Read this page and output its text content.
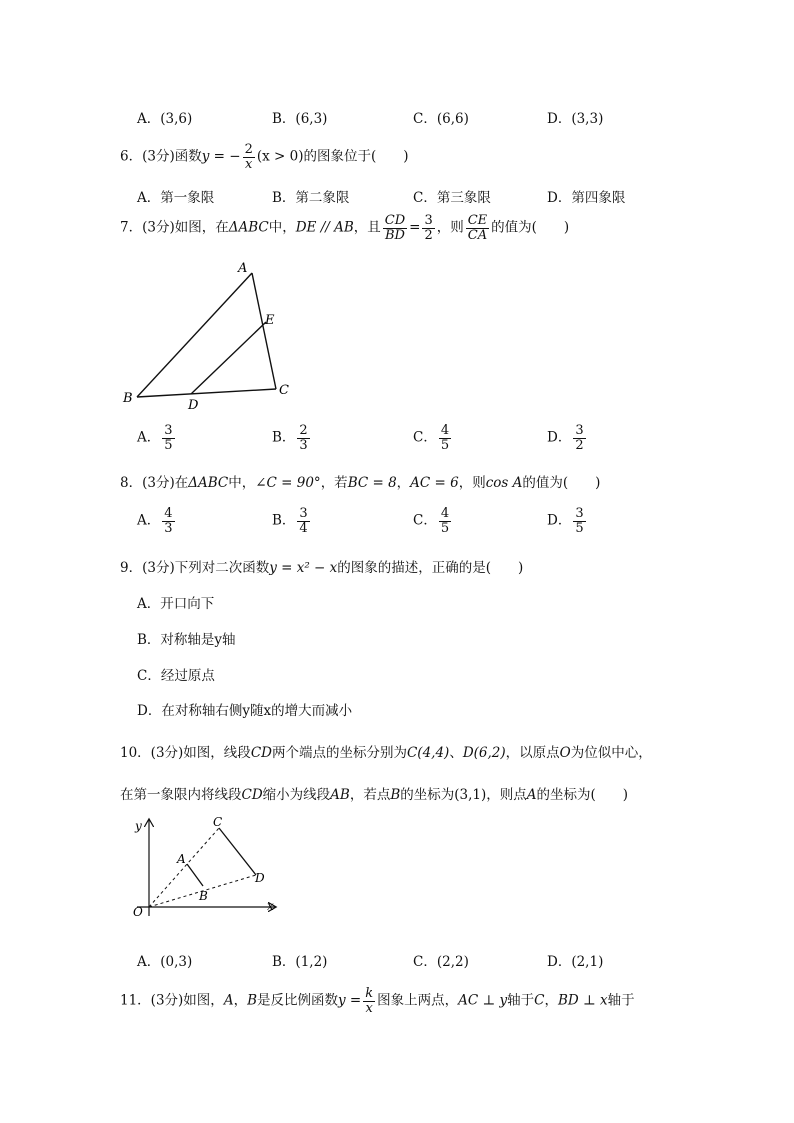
A．(3,6)	B．(6,3)	C．(6,6)	D．(3,3)
6．(3分)函数y = − $\frac{2}{x} (x > 0)$的图象位于(　　)
A．第一象限	B．第二象限	C．第三象限	D．第四象限
7．(3分)如图，在ΔABC中，DE // AB，且 $\frac{CD}{BD} = \frac{3}{2}$ ，则 $\frac{CE}{CA}$ 的值为(　　)
A
B
C
D
E
A． $\frac{3}{5}$	B． $\frac{2}{3}$	C． $\frac{4}{5}$	D． $\frac{3}{2}$
8．(3分)在ΔABC中，∠C = 90°，若BC = 8，AC = 6，则cos A的值为(　　)
A． $\frac{4}{3}$	B． $\frac{3}{4}$	C． $\frac{4}{5}$	D． $\frac{3}{5}$
9．(3分)下列对二次函数y = x² − x的图象的描述，正确的是(　　)
A．开口向下
B．对称轴是y轴
C．经过原点
D．在对称轴右侧y随x的增大而减小
10．(3分)如图，线段CD两个端点的坐标分别为C(4,4)、D(6,2)，以原点O为位似中心，
在第一象限内将线段CD缩小为线段AB，若点B的坐标为(3,1)，则点A的坐标为(　　)
y
x
O
A
B
C
D
A．(0,3)	B．(1,2)	C．(2,2)	D．(2,1)
11．(3分)如图，A，B是反比例函数$y = \frac{k}{x}$ 图象上两点，AC ⊥ y轴于C，BD ⊥ x轴于
